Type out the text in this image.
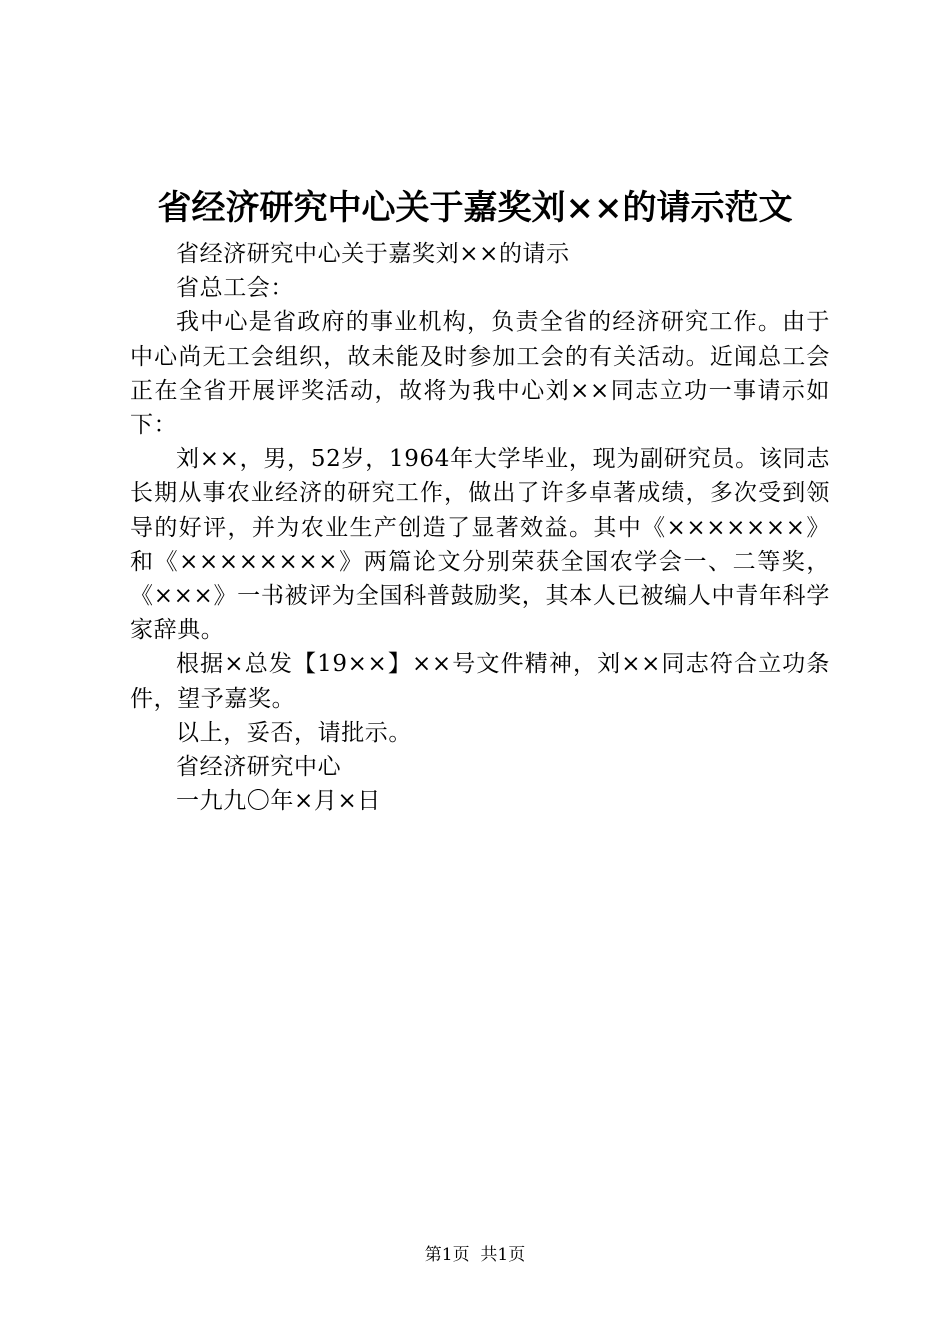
省经济研究中心关于嘉奖刘××的请示范文

省经济研究中心关于嘉奖刘××的请示

省总工会：

我中心是省政府的事业机构，负责全省的经济研究工作。由于中心尚无工会组织，故未能及时参加工会的有关活动。近闻总工会正在全省开展评奖活动，故将为我中心刘××同志立功一事请示如下：

刘××，男，52岁，1964年大学毕业，现为副研究员。该同志长期从事农业经济的研究工作，做出了许多卓著成绩，多次受到领导的好评，并为农业生产创造了显著效益。其中《×××××××》和《××××××××》两篇论文分别荣获全国农学会一、二等奖，《×××》一书被评为全国科普鼓励奖，其本人已被编人中青年科学家辞典。

根据×总发【19××】××号文件精神，刘××同志符合立功条件，望予嘉奖。

以上，妥否，请批示。

省经济研究中心

一九九〇年×月×日

第1页 共1页
